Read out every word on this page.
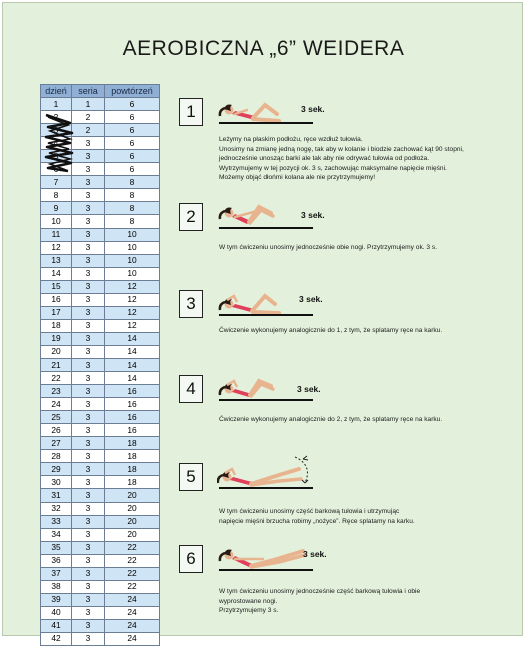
AEROBICZNA „6” WEIDERA
dzień	seria	powtórzeń
1	1	6
2	2	6
3	2	6
4	3	6
5	3	6
6	3	6
7	3	8
8	3	8
9	3	8
10	3	8
11	3	10
12	3	10
13	3	10
14	3	10
15	3	12
16	3	12
17	3	12
18	3	12
19	3	14
20	3	14
21	3	14
22	3	14
23	3	16
24	3	16
25	3	16
26	3	16
27	3	18
28	3	18
29	3	18
30	3	18
31	3	20
32	3	20
33	3	20
34	3	20
35	3	22
36	3	22
37	3	22
38	3	22
39	3	24
40	3	24
41	3	24
42	3	24
1	3 sek.
Leżymy na płaskim podłożu, ręce wzdłuż tułowia.
Unosimy na zmianę jedną nogę, tak aby w kolanie i biodzie zachować kąt 90 stopni,
jednocześnie unosząc barki ale tak aby nie odrywać tułowia od podłoża.
Wytrzymujemy w tej pozycji ok. 3 s, zachowując maksymalne napięcie mięśni.
Możemy objąć dłońmi kolana ale nie przytrzymujemy!
2	3 sek.
W tym ćwiczeniu unosimy jednocześnie obie nogi. Przytrzymujemy ok. 3 s.
3	3 sek.
Ćwiczenie wykonujemy analogicznie do 1, z tym, że splatamy ręce na karku.
4	3 sek.
Ćwiczenie wykonujemy analogicznie do 2, z tym, że splatamy ręce na karku.
5
W tym ćwiczeniu unosimy część barkową tułowia i utrzymując
napięcie mięśni brzucha robimy „nożyce”. Ręce splatamy na karku.
6	3 sek.
W tym ćwiczeniu unosimy jednocześnie część barkową tułowia i obie
wyprostowane nogi.
Przytrzymujemy 3 s.
